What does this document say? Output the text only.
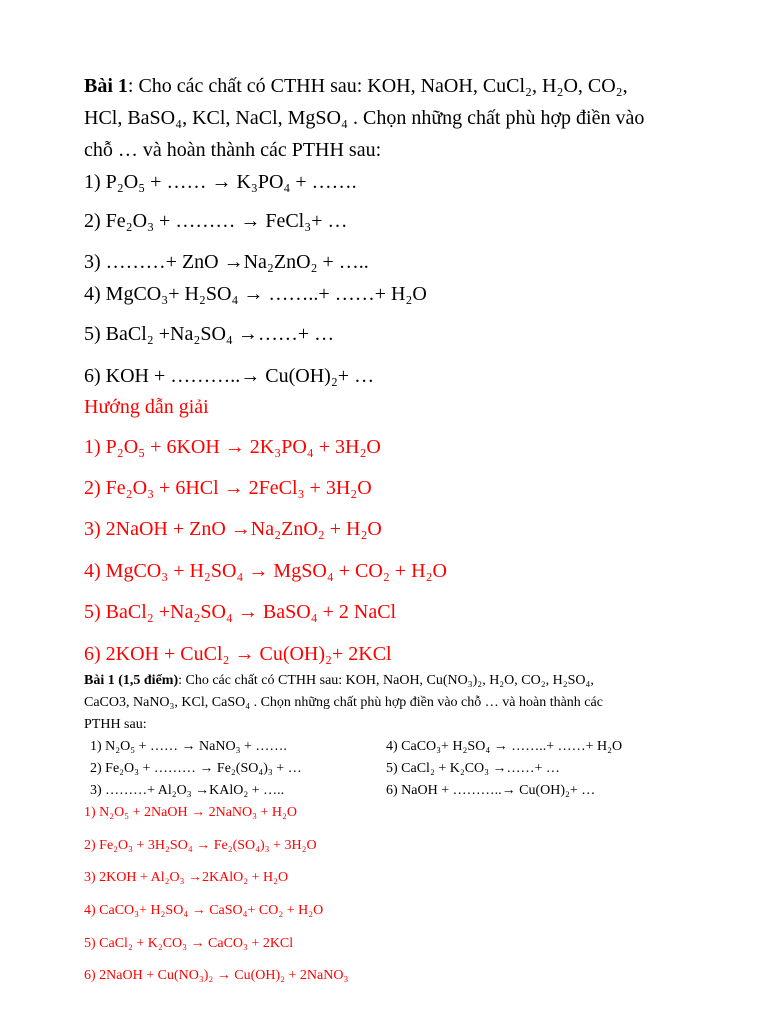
Bài 1: Cho các chất có CTHH sau: KOH, NaOH, CuCl₂, H₂O, CO₂,
HCl, BaSO₄, KCl, NaCl, MgSO₄ . Chọn những chất phù hợp điền vào
chỗ … và hoàn thành các PTHH sau:
1) P₂O₅ + …… → K₃PO₄ + …….
2) Fe₂O₃ + ……… → FeCl₃+ …
3) ………+ ZnO →Na₂ZnO₂ + …..
4) MgCO₃+ H₂SO₄ → ……..+ ……+ H₂O
5) BaCl₂ +Na₂SO₄ →……+ …
6) KOH + ………..→ Cu(OH)₂+ …
Hướng dẫn giải
1) P₂O₅ + 6KOH → 2K₃PO₄ + 3H₂O
2) Fe₂O₃ + 6HCl → 2FeCl₃ + 3H₂O
3) 2NaOH + ZnO →Na₂ZnO₂ + H₂O
4) MgCO₃ + H₂SO₄ → MgSO₄ + CO₂ + H₂O
5) BaCl₂ +Na₂SO₄ → BaSO₄ + 2 NaCl
6) 2KOH + CuCl₂ → Cu(OH)₂+ 2KCl
Bài 1 (1,5 điểm): Cho các chất có CTHH sau: KOH, NaOH, Cu(NO₃)₂, H₂O, CO₂, H₂SO₄,
CaCO3, NaNO₃, KCl, CaSO₄ . Chọn những chất phù hợp điền vào chỗ … và hoàn thành các
PTHH sau:
1) N₂O₅ + …… → NaNO₃ + …….
2) Fe₂O₃ + ……… → Fe₂(SO₄)₃ + …
3) ………+ Al₂O₃ →KAlO₂ + …..
4) CaCO₃+ H₂SO₄ → ……..+ ……+ H₂O
5) CaCl₂ + K₂CO₃ →……+ …
6) NaOH + ………..→ Cu(OH)₂+ …
1) N₂O₅ + 2NaOH → 2NaNO₃ + H₂O
2) Fe₂O₃ + 3H₂SO₄ → Fe₂(SO₄)₃ + 3H₂O
3) 2KOH + Al₂O₃ →2KAlO₂ + H₂O
4) CaCO₃+ H₂SO₄ → CaSO₄+ CO₂ + H₂O
5) CaCl₂ + K₂CO₃ → CaCO₃ + 2KCl
6) 2NaOH + Cu(NO₃)₂ → Cu(OH)₂ + 2NaNO₃
